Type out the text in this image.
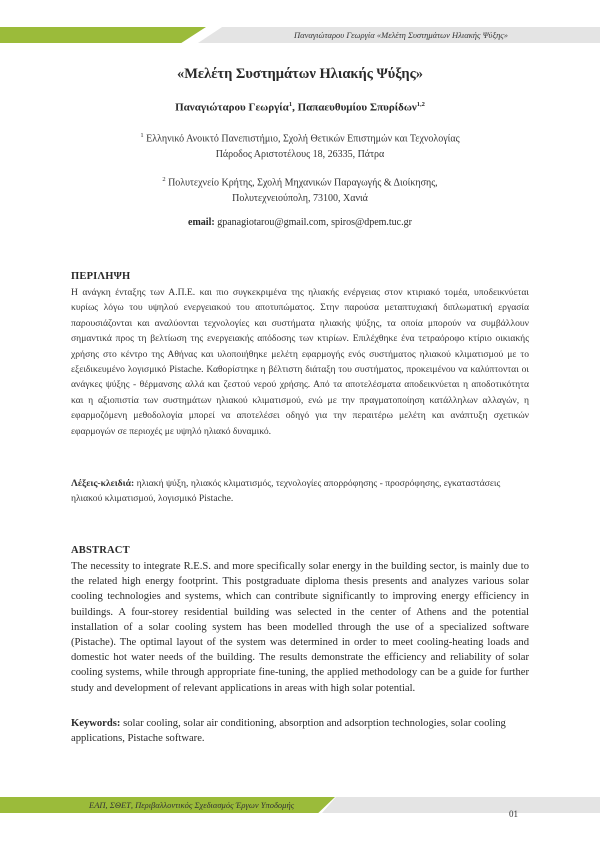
Παναγιώταρου Γεωργία «Μελέτη Συστημάτων Ηλιακής Ψύξης»
«Μελέτη Συστημάτων Ηλιακής Ψύξης»
Παναγιώταρου Γεωργία$^1$, Παπαευθυμίου Σπυρίδων$^{1,2}$
$^1$ Ελληνικό Ανοικτό Πανεπιστήμιο, Σχολή Θετικών Επιστημών και Τεχνολογίας
Πάροδος Αριστοτέλους 18, 26335, Πάτρα
$^2$ Πολυτεχνείο Κρήτης, Σχολή Μηχανικών Παραγωγής & Διοίκησης,
Πολυτεχνειούπολη, 73100, Χανιά
email: gpanagiotarou@gmail.com, spiros@dpem.tuc.gr
ΠΕΡΙΛΗΨΗ
Η ανάγκη ένταξης των Α.Π.Ε. και πιο συγκεκριμένα της ηλιακής ενέργειας στον κτιριακό τομέα, υποδεικνύεται κυρίως λόγω του υψηλού ενεργειακού του αποτυπώματος. Στην παρούσα μεταπτυχιακή διπλωματική εργασία παρουσιάζονται και αναλύονται τεχνολογίες και συστήματα ηλιακής ψύξης, τα οποία μπορούν να συμβάλλουν σημαντικά προς τη βελτίωση της ενεργειακής απόδοσης των κτιρίων. Επιλέχθηκε ένα τετραόροφο κτίριο οικιακής χρήσης στο κέντρο της Αθήνας και υλοποιήθηκε μελέτη εφαρμογής ενός συστήματος ηλιακού κλιματισμού με το εξειδικευμένο λογισμικό Pistache. Καθορίστηκε η βέλτιστη διάταξη του συστήματος, προκειμένου να καλύπτονται οι ανάγκες ψύξης - θέρμανσης αλλά και ζεστού νερού χρήσης. Από τα αποτελέσματα αποδεικνύεται η αποδοτικότητα και η αξιοπιστία των συστημάτων ηλιακού κλιματισμού, ενώ με την πραγματοποίηση κατάλληλων αλλαγών, η εφαρμοζόμενη μεθοδολογία μπορεί να αποτελέσει οδηγό για την περαιτέρω μελέτη και ανάπτυξη σχετικών εφαρμογών σε περιοχές με υψηλό ηλιακό δυναμικό.
Λέξεις-κλειδιά: ηλιακή ψύξη, ηλιακός κλιματισμός, τεχνολογίες απορρόφησης - προσρόφησης, εγκαταστάσεις ηλιακού κλιματισμού, λογισμικό Pistache.
ABSTRACT
The necessity to integrate R.E.S. and more specifically solar energy in the building sector, is mainly due to the related high energy footprint. This postgraduate diploma thesis presents and analyzes various solar cooling technologies and systems, which can contribute significantly to improving energy efficiency in buildings. A four-storey residential building was selected in the center of Athens and the potential installation of a solar cooling system has been modelled through the use of a specialized software (Pistache). The optimal layout of the system was determined in order to meet cooling-heating loads and domestic hot water needs of the building. The results demonstrate the efficiency and reliability of solar cooling systems, while through appropriate fine-tuning, the applied methodology can be a guide for further study and development of relevant applications in areas with high solar potential.
Keywords: solar cooling, solar air conditioning, absorption and adsorption technologies, solar cooling applications, Pistache software.
ΕΑΠ, ΣΘΕΤ, Περιβαλλοντικός Σχεδιασμός Έργων Υποδομής
01
